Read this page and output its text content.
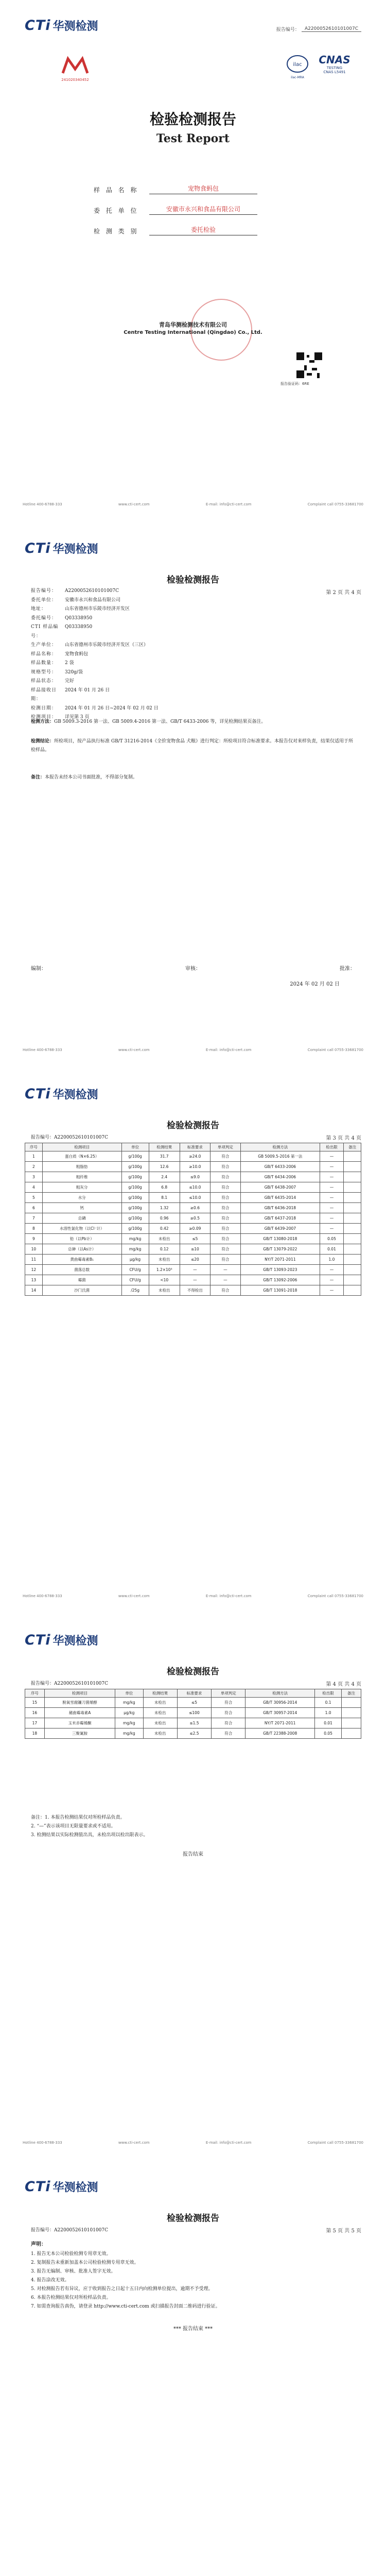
CTi 华测检测	报告编号：	A2200052610101007C
241020340452
ilac
ilac-MRA
CNAS
TESTING
CNAS L5491
检验检测报告
Test Report
样 品 名 称	宠物食蚂包
委 托 单 位	安徽市永兴和食品有限公司
检 测 类 别	委托检验
青岛华测检测技术有限公司
Centre Testing International (Qingdao) Co., Ltd.
报告验证码：6RE
Hotline 400-6788-333	www.cti-cert.com	E-mail: info@cti-cert.com	Complaint call 0755-33681700
CTi 华测检测
检验检测报告
第 2 页 共 4 页
报告编号：	A2200052610101007C
委托单位：	安徽市永兴和食品有限公司
地址：	山东省德州市乐陵市经济开发区
委托编号：	Q03338950
CTI 样品编号：
Q03338950
生产单位：	山东省德州市乐陵市经济开发区（三区）
样品名称：	宠物食蚂包
样品数量：	2 袋
规格型号：	320g/袋
样品状态：	完好
样品接收日期：
2024 年 01 月 26 日
检测日期：	2024 年 01 月 26 日~2024 年 02 月 02 日
检测项目：	详见第 3 页
检测方法：GB 5009.3-2016 第一法、GB 5009.4-2016 第一法、GB/T 6433-2006 等，详见检测结果页备注。
检测结论：所检项目，按产品执行标准 GB/T 31216-2014《全价宠物食品 犬粮》进行判定：所检项目符合标准要求。本报告仅对来样负责，结果仅适用于所检样品。
备注：本报告未经本公司书面批准，不得部分复制。
编制：	审核：	批准：
2024 年 02 月 02 日
Hotline 400-6788-333	www.cti-cert.com	E-mail: info@cti-cert.com	Complaint call 0755-33681700
CTi 华测检测
检验检测报告
报告编号：A2200052610101007C	第 3 页 共 4 页
序号	检测项目	单位	检测结果	标准要求	单项判定	检测方法	检出限	备注
1	蛋白质（N×6.25）	g/100g	31.7	≥24.0	符合	GB 5009.5-2016 第一法	—	
2	粗脂肪	g/100g	12.6	≥10.0	符合	GB/T 6433-2006	—	
3	粗纤维	g/100g	2.4	≤9.0	符合	GB/T 6434-2006	—	
4	粗灰分	g/100g	6.8	≤10.0	符合	GB/T 6438-2007	—	
5	水分	g/100g	8.1	≤10.0	符合	GB/T 6435-2014	—	
6	钙	g/100g	1.32	≥0.6	符合	GB/T 6436-2018	—	
7	总磷	g/100g	0.96	≥0.5	符合	GB/T 6437-2018	—	
8	水溶性氯化物（以Cl⁻计）	g/100g	0.42	≥0.09	符合	GB/T 6439-2007	—	
9	铅（以Pb计）	mg/kg	未检出	≤5	符合	GB/T 13080-2018	0.05	
10	总砷（以As计）	mg/kg	0.12	≤10	符合	GB/T 13079-2022	0.01	
11	黄曲霉毒素B₁	μg/kg	未检出	≤20	符合	NY/T 2071-2011	1.0	
12	菌落总数	CFU/g	1.2×10³	—	—	GB/T 13093-2023	—	
13	霉菌	CFU/g	<10	—	—	GB/T 13092-2006	—	
14	沙门氏菌	/25g	未检出	不得检出	符合	GB/T 13091-2018	—	
Hotline 400-6788-333	www.cti-cert.com	E-mail: info@cti-cert.com	Complaint call 0755-33681700
CTi 华测检测
检验检测报告
报告编号：A2200052610101007C	第 4 页 共 4 页
序号	检测项目	单位	检测结果	标准要求	单项判定	检测方法	检出限	备注
15	脱氧雪腐镰刀菌烯醇	mg/kg	未检出	≤5	符合	GB/T 30956-2014	0.1	
16	赭曲霉毒素A	μg/kg	未检出	≤100	符合	GB/T 30957-2014	1.0	
17	玉米赤霉烯酮	mg/kg	未检出	≤1.5	符合	NY/T 2071-2011	0.01	
18	三聚氰胺	mg/kg	未检出	≤2.5	符合	GB/T 22388-2008	0.05	
备注：1. 本报告检测结果仅对所检样品负责。
2. “—”表示该项目无限量要求或不适用。
3. 检测结果以实际检测值出具，未检出项以检出限表示。
报告结束
Hotline 400-6788-333	www.cti-cert.com	E-mail: info@cti-cert.com	Complaint call 0755-33681700
CTi 华测检测
检验检测报告
报告编号：A2200052610101007C	第 5 页 共 5 页
声明：
1. 报告无本公司检验检测专用章无效。
2. 复制报告未重新加盖本公司检验检测专用章无效。
3. 报告无编制、审核、批准人签字无效。
4. 报告涂改无效。
5. 对检测报告若有异议，应于收到报告之日起十五日内向检测单位提出，逾期不予受理。
6. 本报告检测结果仅对所检样品负责。
7. 如需查询报告真伪，请登录 http://www.cti-cert.com 或扫描报告封面二维码进行验证。
*** 报告结束 ***
